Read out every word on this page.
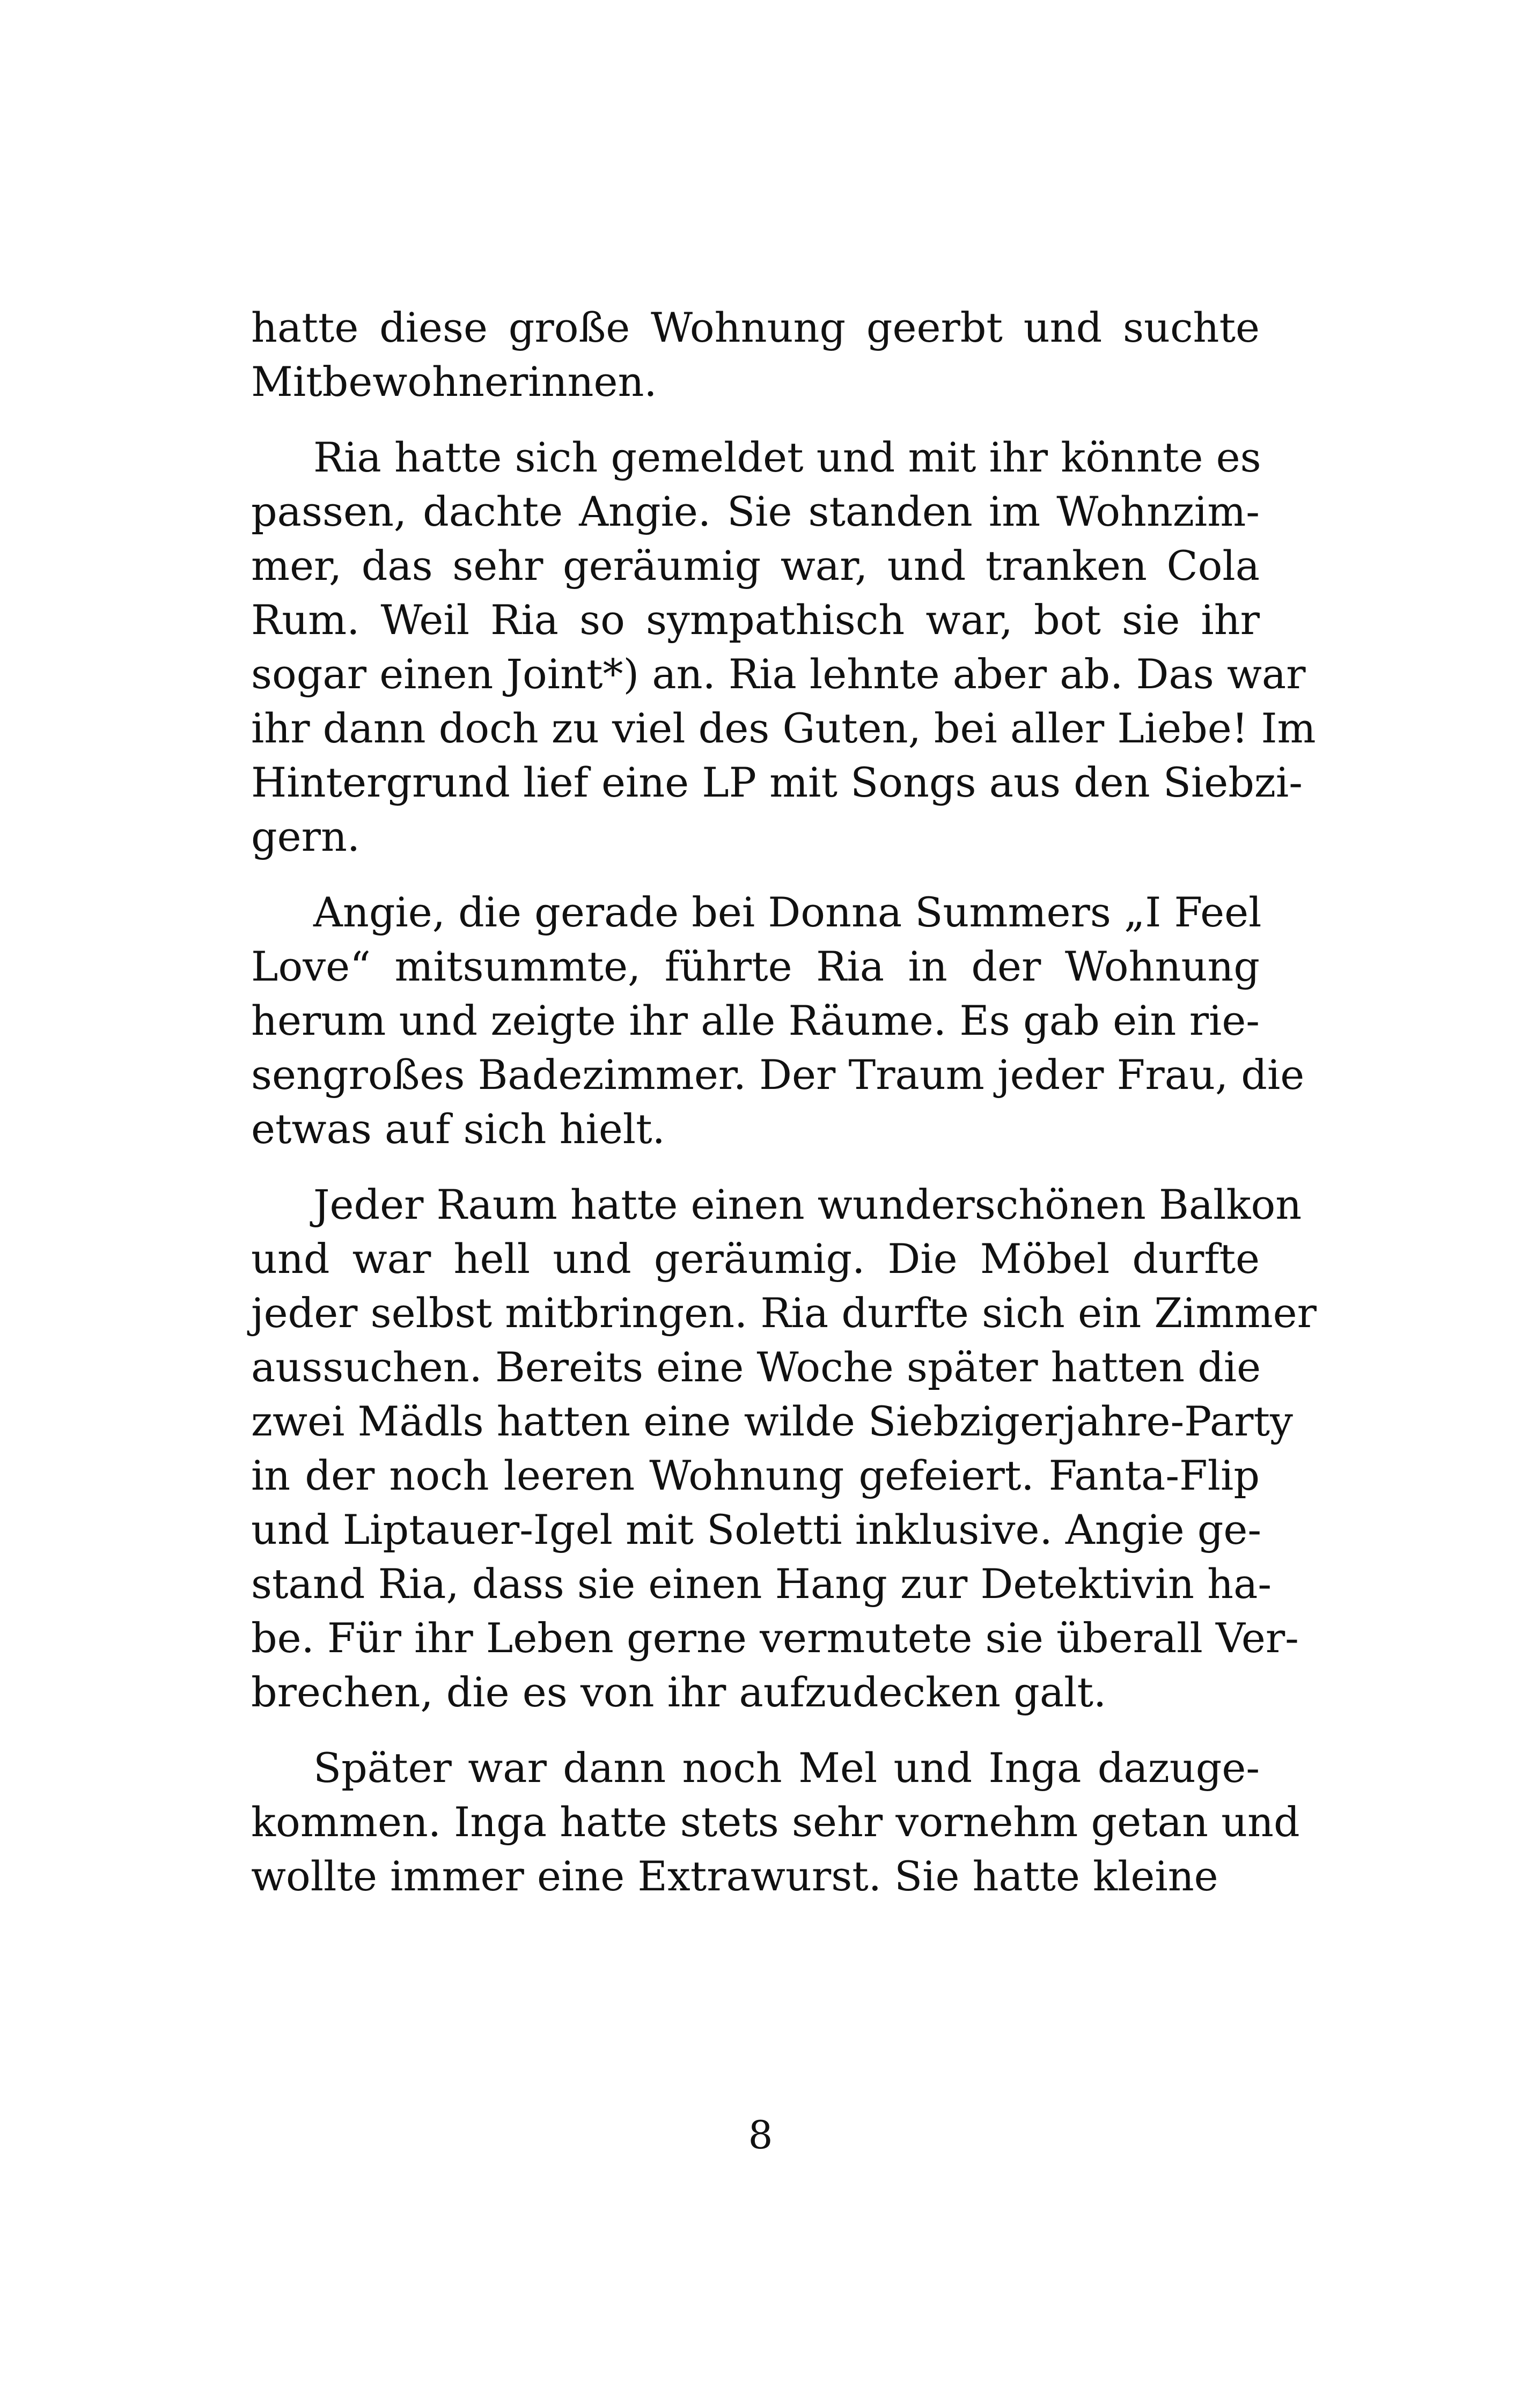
hatte diese große Wohnung geerbt und suchte
Mitbewohnerinnen.
Ria hatte sich gemeldet und mit ihr könnte es
passen, dachte Angie. Sie standen im Wohnzim-
mer, das sehr geräumig war, und tranken Cola
Rum. Weil Ria so sympathisch war, bot sie ihr
sogar einen Joint*) an. Ria lehnte aber ab. Das war
ihr dann doch zu viel des Guten, bei aller Liebe! Im
Hintergrund lief eine LP mit Songs aus den Siebzi-
gern.
Angie, die gerade bei Donna Summers „I Feel
Love“ mitsummte, führte Ria in der Wohnung
herum und zeigte ihr alle Räume. Es gab ein rie-
sengroßes Badezimmer. Der Traum jeder Frau, die
etwas auf sich hielt.
Jeder Raum hatte einen wunderschönen Balkon
und war hell und geräumig. Die Möbel durfte
jeder selbst mitbringen. Ria durfte sich ein Zimmer
aussuchen. Bereits eine Woche später hatten die
zwei Mädls hatten eine wilde Siebzigerjahre-Party
in der noch leeren Wohnung gefeiert. Fanta-Flip
und Liptauer-Igel mit Soletti inklusive. Angie ge-
stand Ria, dass sie einen Hang zur Detektivin ha-
be. Für ihr Leben gerne vermutete sie überall Ver-
brechen, die es von ihr aufzudecken galt.
Später war dann noch Mel und Inga dazuge-
kommen. Inga hatte stets sehr vornehm getan und
wollte immer eine Extrawurst. Sie hatte kleine
8
